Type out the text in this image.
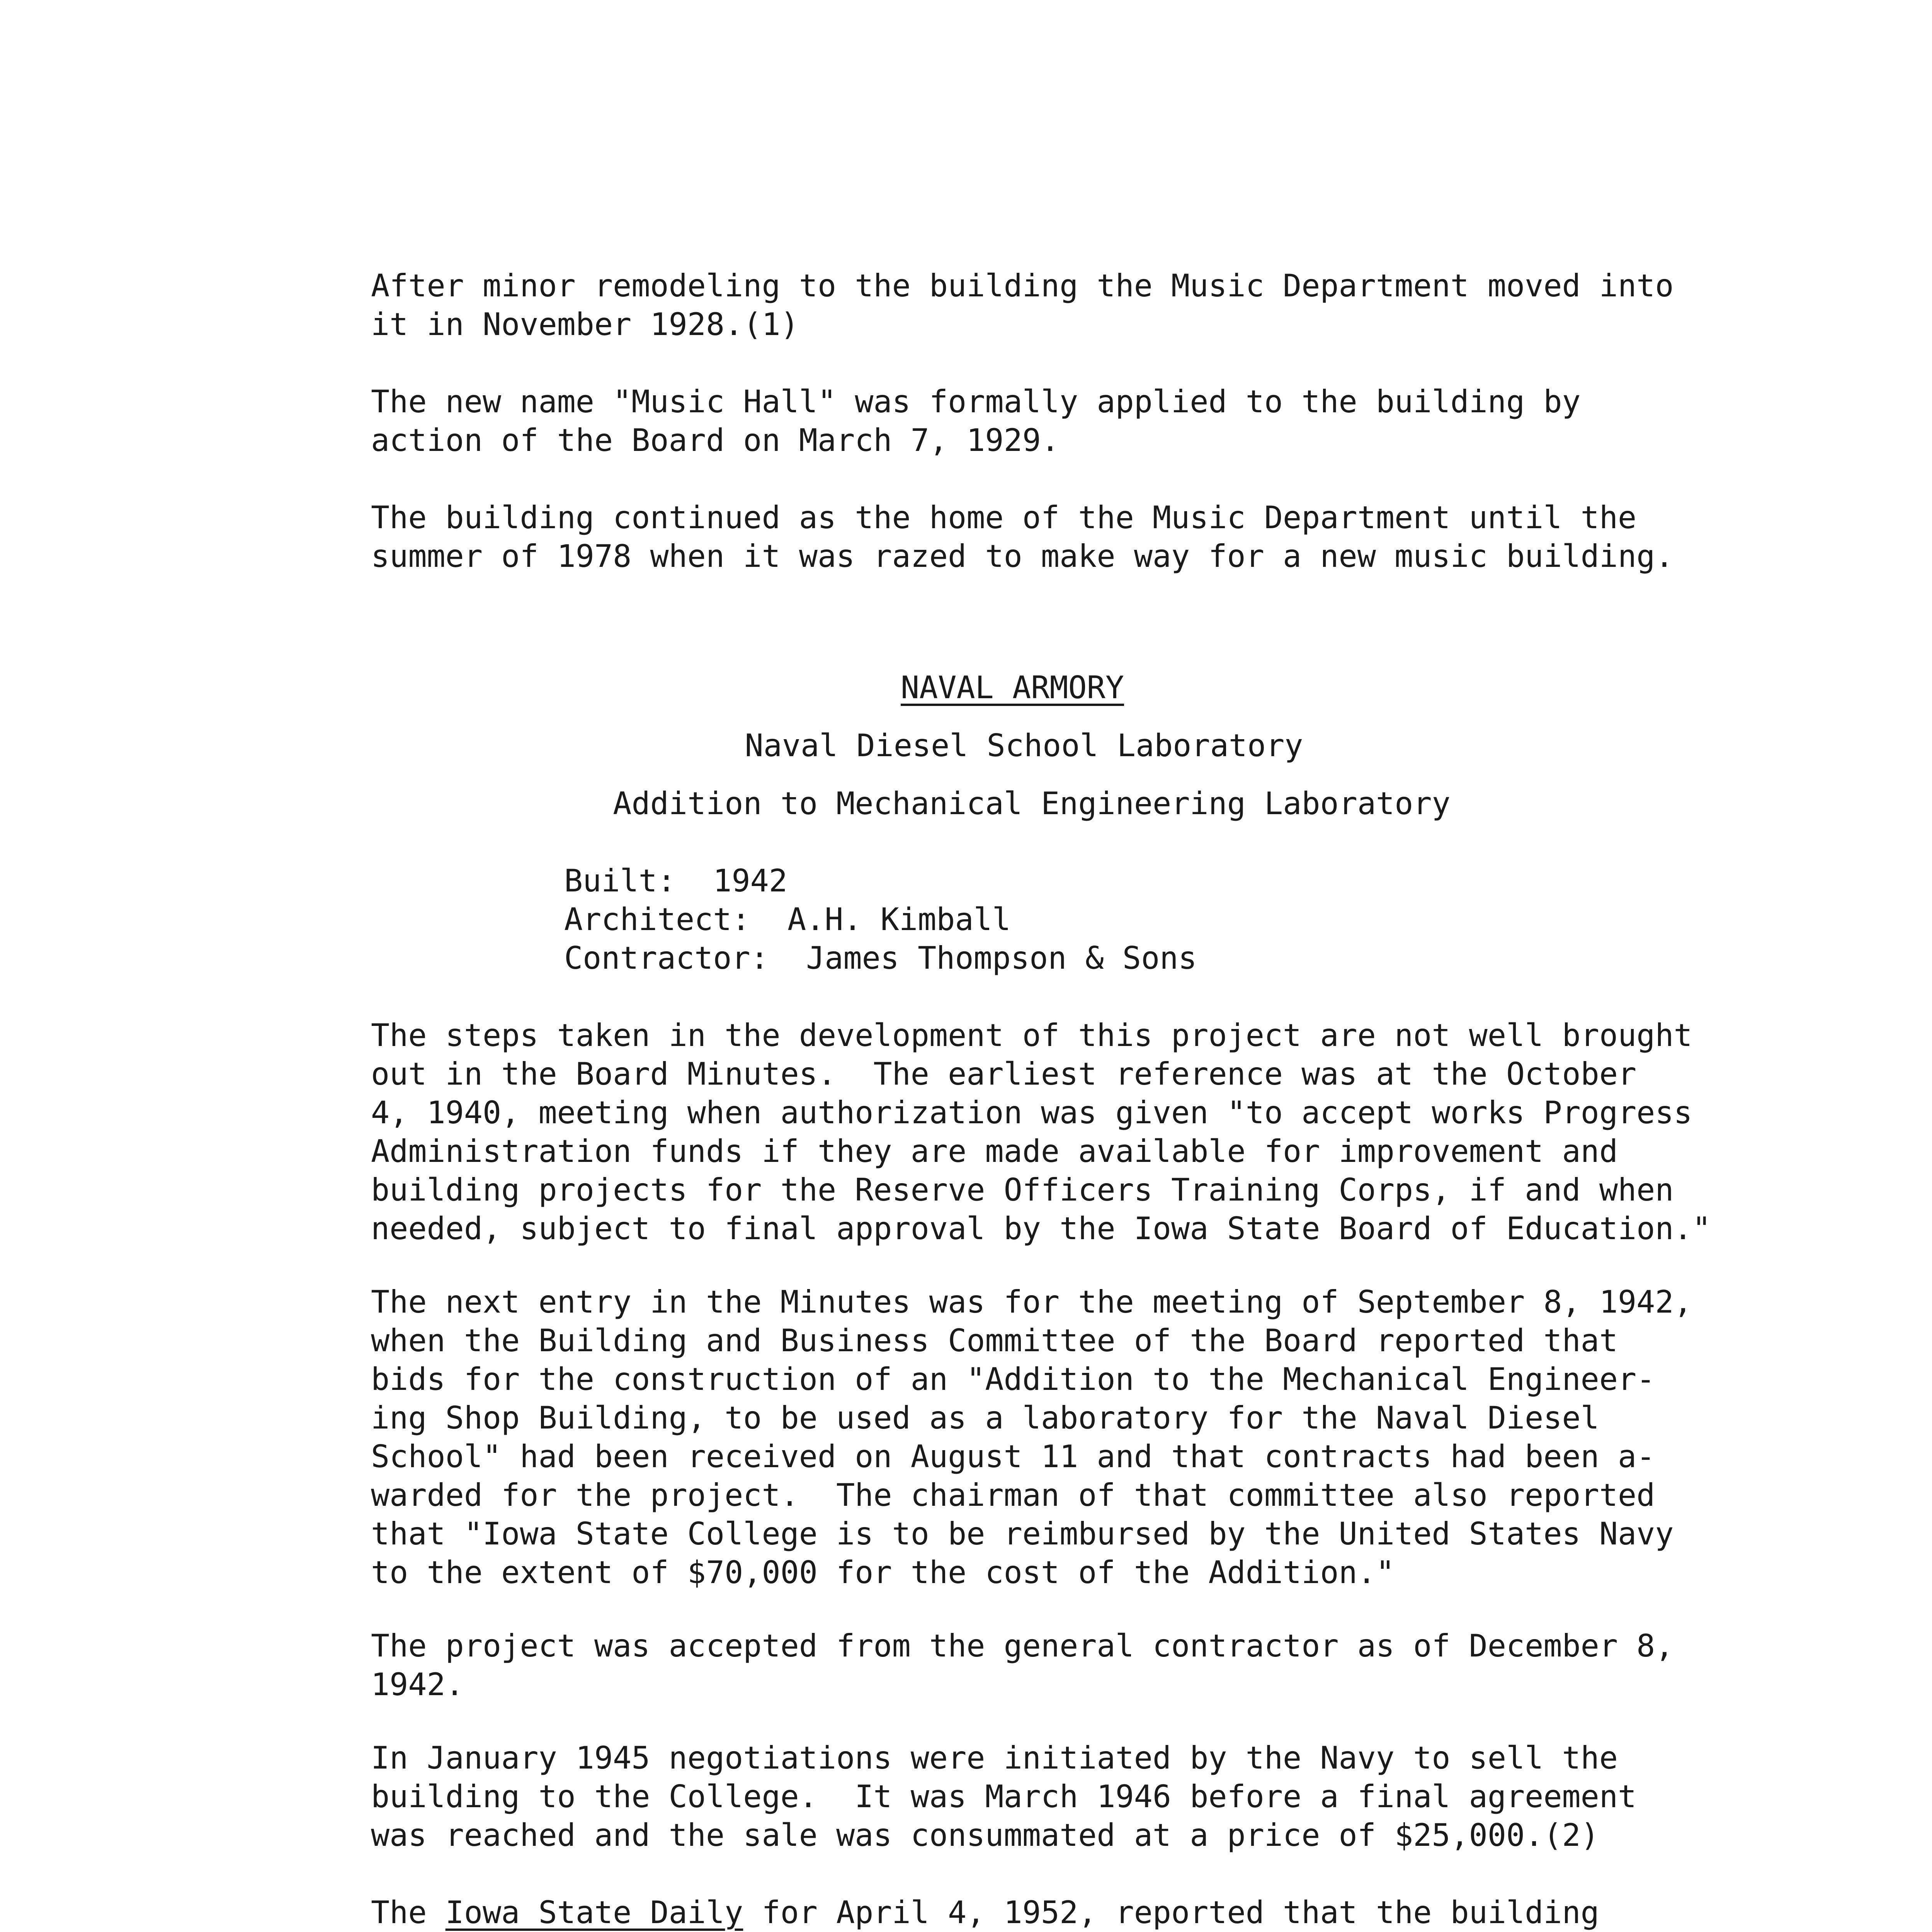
After minor remodeling to the building the Music Department moved into
it in November 1928.(1)

The new name "Music Hall" was formally applied to the building by
action of the Board on March 7, 1929.

The building continued as the home of the Music Department until the
summer of 1978 when it was razed to make way for a new music building.

NAVAL ARMORY

Naval Diesel School Laboratory

Addition to Mechanical Engineering Laboratory

Built:
1942
Architect:
A.H. Kimball
Contractor:
James Thompson & Sons

The steps taken in the development of this project are not well brought
out in the Board Minutes.  The earliest reference was at the October
4, 1940, meeting when authorization was given "to accept works Progress
Administration funds if they are made available for improvement and
building projects for the Reserve Officers Training Corps, if and when
needed, subject to final approval by the Iowa State Board of Education."

The next entry in the Minutes was for the meeting of September 8, 1942,
when the Building and Business Committee of the Board reported that
bids for the construction of an "Addition to the Mechanical Engineer-
ing Shop Building, to be used as a laboratory for the Naval Diesel
School" had been received on August 11 and that contracts had been a-
warded for the project.  The chairman of that committee also reported
that "Iowa State College is to be reimbursed by the United States Navy
to the extent of $70,000 for the cost of the Addition."

The project was accepted from the general contractor as of December 8,
1942.

In January 1945 negotiations were initiated by the Navy to sell the
building to the College.  It was March 1946 before a final agreement
was reached and the sale was consummated at a price of $25,000.(2)

The Iowa State Daily for April 4, 1952, reported that the building
